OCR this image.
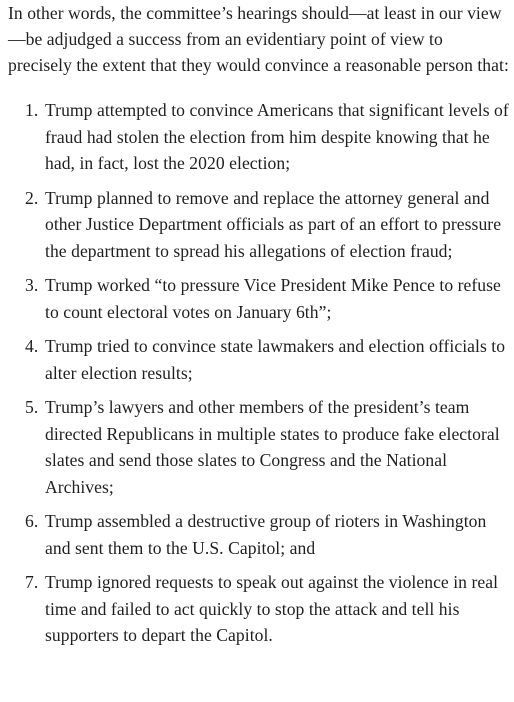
In other words, the committee’s hearings should—at least in our view—be adjudged a success from an evidentiary point of view to precisely the extent that they would convince a reasonable person that:

1. Trump attempted to convince Americans that significant levels of fraud had stolen the election from him despite knowing that he had, in fact, lost the 2020 election;
2. Trump planned to remove and replace the attorney general and other Justice Department officials as part of an effort to pressure the department to spread his allegations of election fraud;
3. Trump worked “to pressure Vice President Mike Pence to refuse to count electoral votes on January 6th”;
4. Trump tried to convince state lawmakers and election officials to alter election results;
5. Trump’s lawyers and other members of the president’s team directed Republicans in multiple states to produce fake electoral slates and send those slates to Congress and the National Archives;
6. Trump assembled a destructive group of rioters in Washington and sent them to the U.S. Capitol; and
7. Trump ignored requests to speak out against the violence in real time and failed to act quickly to stop the attack and tell his supporters to depart the Capitol.
